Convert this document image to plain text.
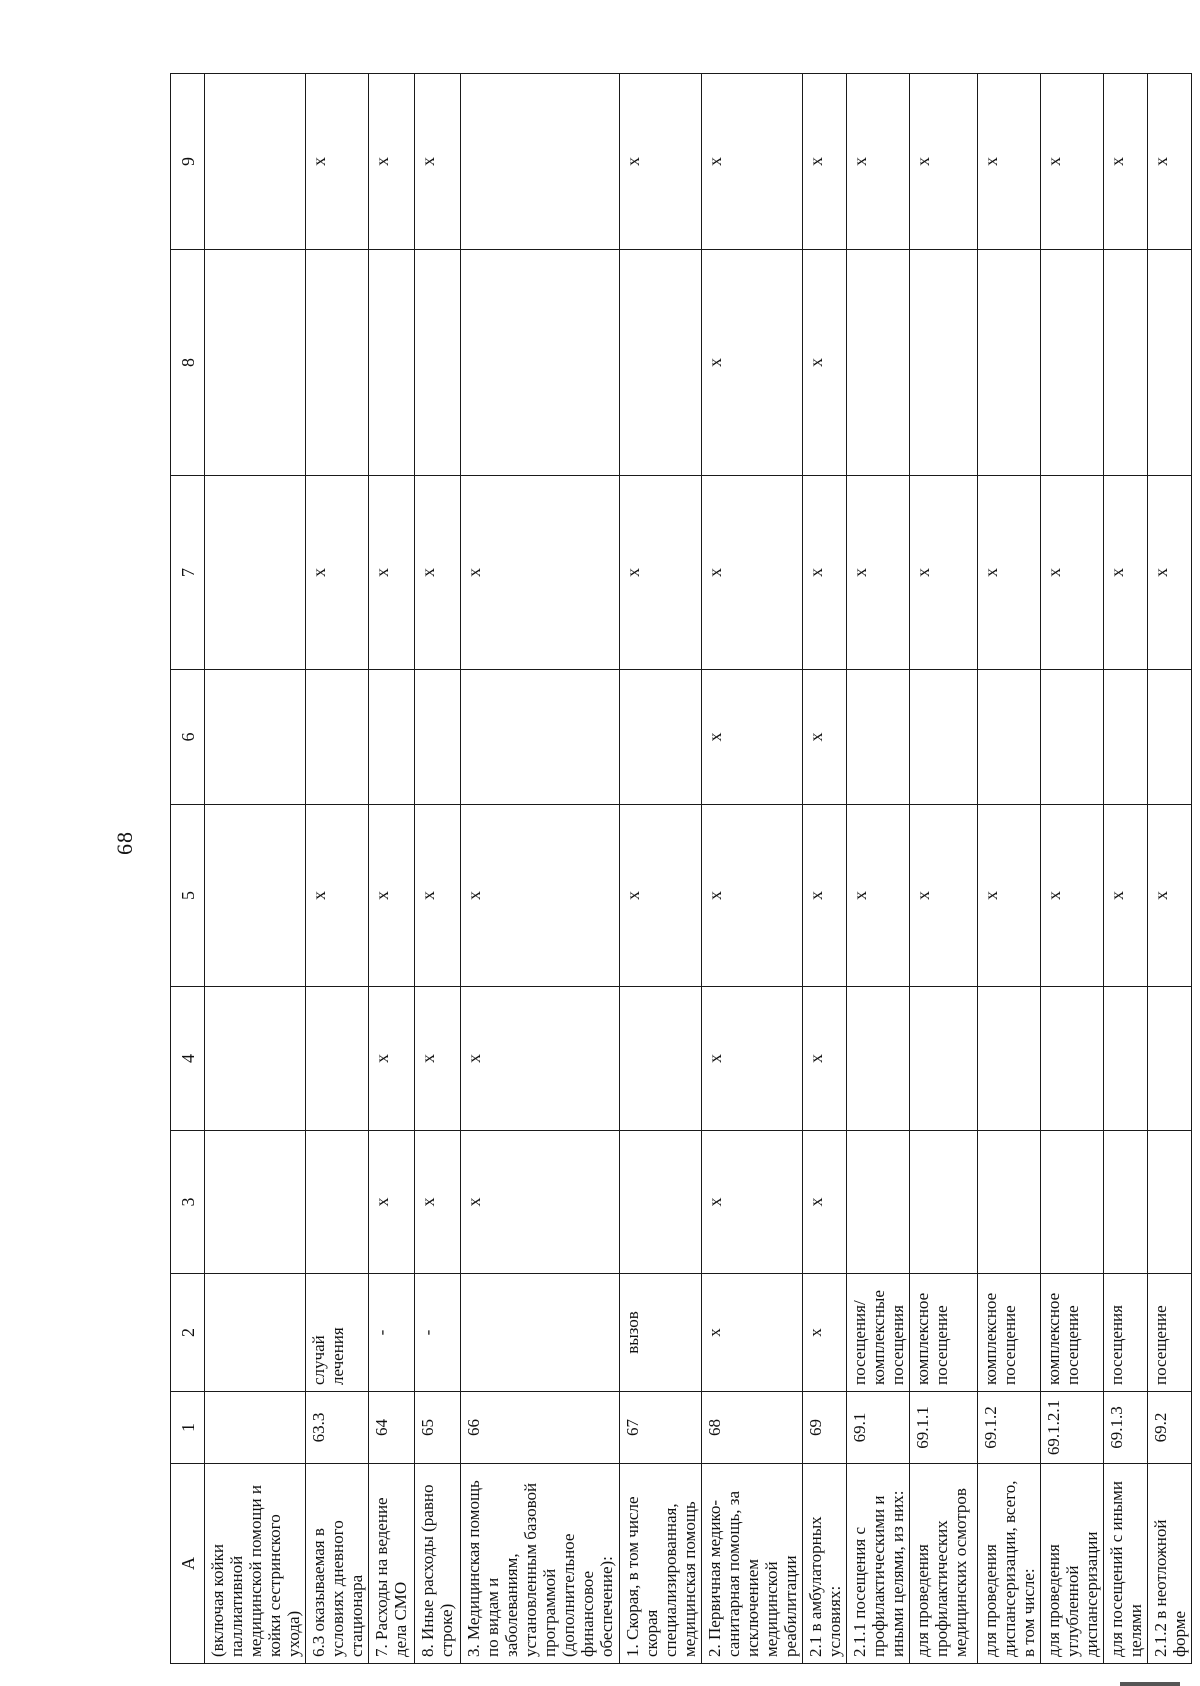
68
А	1	2	3	4	5	6	7	8	9
(включая койки паллиативной медицинской помощи и койки сестринского ухода)									
6.3 оказываемая в условиях дневного стационара	63.3	случай лечения			х		х		х
7. Расходы на ведение дела СМО	64	-	х	х	х		х		х
8. Иные расходы (равно строке)	65	-	х	х	х		х		х
3. Медицинская помощь по видам и заболеваниям, установленным базовой программой (дополнительное финансовое обеспечение):	66		х	х	х		х		
1. Скорая, в том числе скорая специализированная, медицинская помощь	67	вызов			х		х		х
2. Первичная медико-санитарная помощь, за исключением медицинской реабилитации	68	х	х	х	х	х	х	х	х
2.1 в амбулаторных условиях:	69	х	х	х	х	х	х	х	х
2.1.1 посещения с профилактическими и иными целями, из них:	69.1	посещения/ комплексные посещения			х		х		х
для проведения профилактических медицинских осмотров	69.1.1	комплексное посещение			х		х		х
для проведения диспансеризации, всего, в том числе:	69.1.2	комплексное посещение			х		х		х
для проведения углубленной диспансеризации	69.1.2.1	комплексное посещение			х		х		х
для посещений с иными целями	69.1.3	посещения			х		х		х
2.1.2 в неотложной форме	69.2	посещение			х		х		х
